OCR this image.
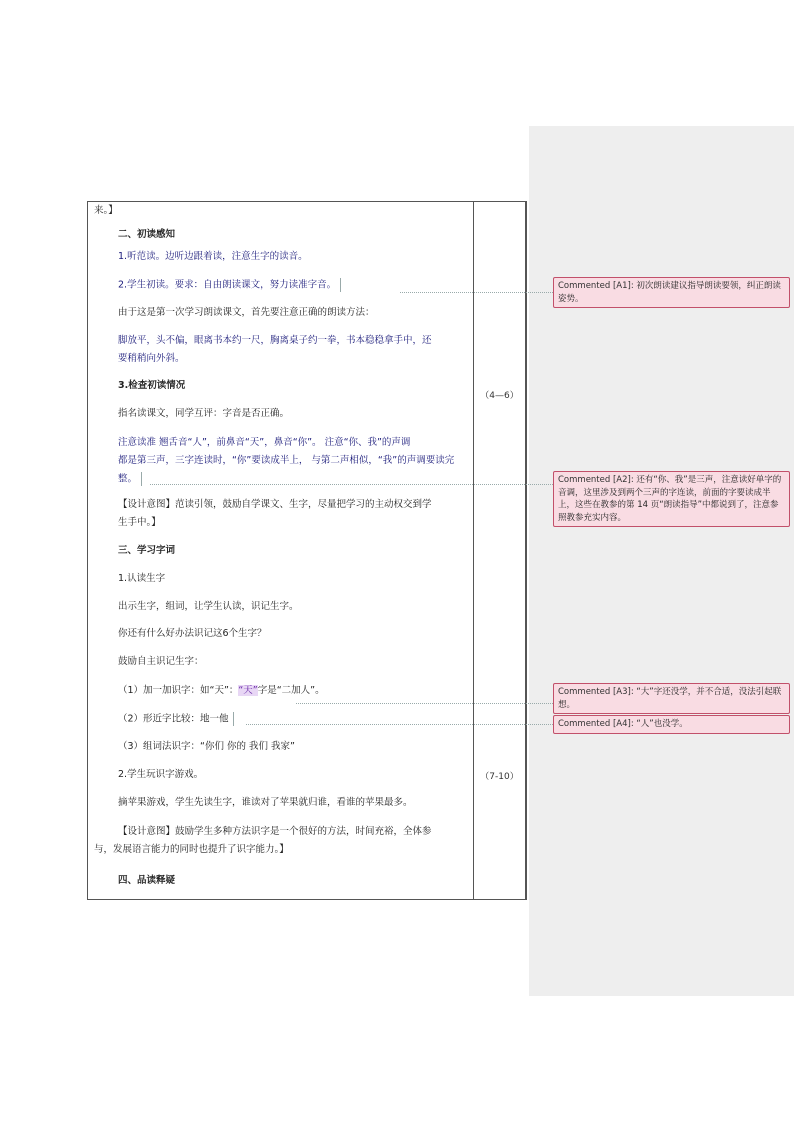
来。】
二、初读感知
1.听范读。边听边跟着读，注意生字的读音。
2.学生初读。要求：自由朗读课文，努力读准字音。
由于这是第一次学习朗读课文，首先要注意正确的朗读方法：
脚放平，头不偏，眼离书本约一尺，胸离桌子约一拳，书本稳稳拿手中，还
要稍稍向外斜。
3.检查初读情况
指名读课文，同学互评：字音是否正确。
注意读准 翘舌音“人”，前鼻音“天”，鼻音“你”。 注意“你、我”的声调
都是第三声，三字连读时，“你”要读成半上， 与第二声相似，“我”的声调要读完
整。
【设计意图】范读引领，鼓励自学课文、生字，尽量把学习的主动权交到学
生手中。】
三、学习字词
1.认读生字
出示生字，组词，让学生认读，识记生字。
你还有什么好办法识记这6个生字？
鼓励自主识记生字：
（1）加一加识字：如“天”：“天”字是“二加人”。
（2）形近字比较：地一他
（3）组词法识字：“你们 你的 我们 我家”
2.学生玩识字游戏。
摘苹果游戏，学生先读生字，谁读对了苹果就归谁，看谁的苹果最多。
【设计意图】鼓励学生多种方法识字是一个很好的方法，时间充裕，全体参
与，发展语言能力的同时也提升了识字能力。】
四、品读释疑
（4—6）
（7-10）
Commented [A1]: 初次朗读建议指导朗读要领，纠正朗读姿势。
Commented [A2]: 还有“你、我”是三声，注意读好单字的音调，这里涉及到两个三声的字连读，前面的字要读成半上，这些在教参的第 14 页“朗读指导”中都说到了，注意参照教参充实内容。
Commented [A3]: “大”字还没学，并不合适，没法引起联想。
Commented [A4]: “人”也没学。
